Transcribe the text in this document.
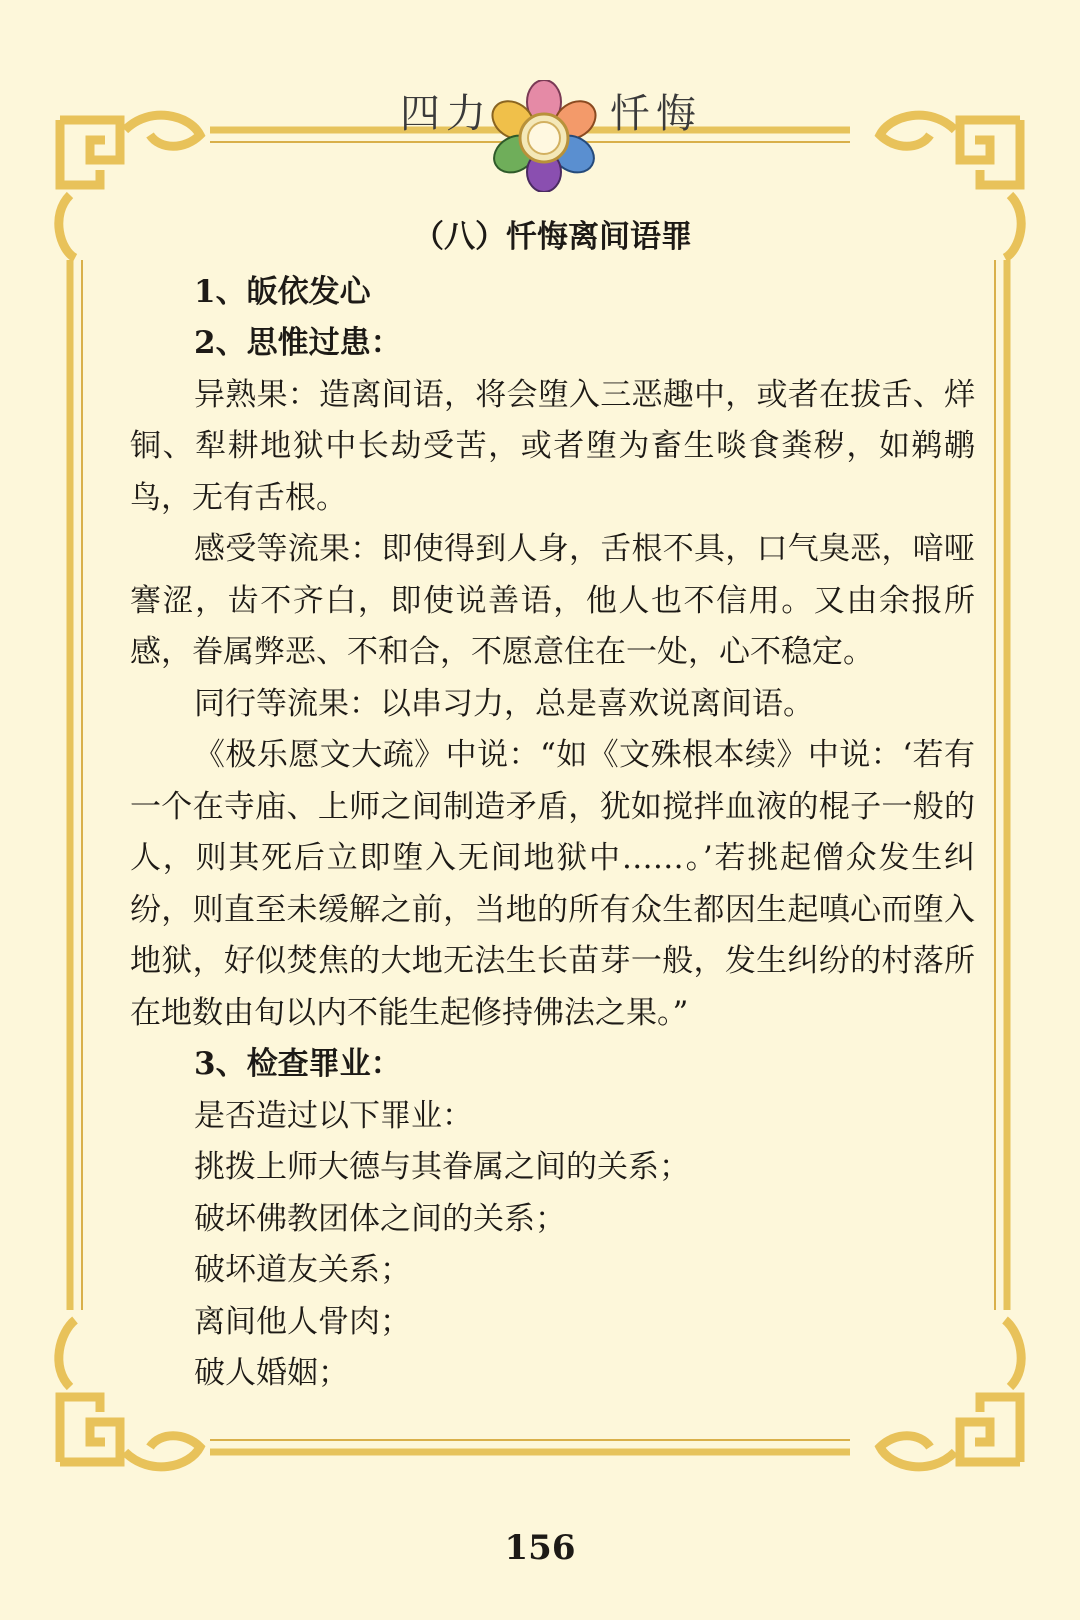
四力	忏悔

（八）忏悔离间语罪

1、皈依发心

2、思惟过患：

异熟果：造离间语，将会堕入三恶趣中，或者在拔舌、烊铜、犁耕地狱中长劫受苦，或者堕为畜生啖食粪秽，如鹈鹕鸟，无有舌根。

感受等流果：即使得到人身，舌根不具，口气臭恶，喑哑謇涩，齿不齐白，即使说善语，他人也不信用。又由余报所感，眷属弊恶、不和合，不愿意住在一处，心不稳定。

同行等流果：以串习力，总是喜欢说离间语。

《极乐愿文大疏》中说：“如《文殊根本续》中说：‘若有一个在寺庙、上师之间制造矛盾，犹如搅拌血液的棍子一般的人，则其死后立即堕入无间地狱中……。’若挑起僧众发生纠纷，则直至未缓解之前，当地的所有众生都因生起嗔心而堕入地狱，好似焚焦的大地无法生长苗芽一般，发生纠纷的村落所在地数由旬以内不能生起修持佛法之果。”

3、检查罪业：

是否造过以下罪业：

挑拨上师大德与其眷属之间的关系；

破坏佛教团体之间的关系；

破坏道友关系；

离间他人骨肉；

破人婚姻；

156
